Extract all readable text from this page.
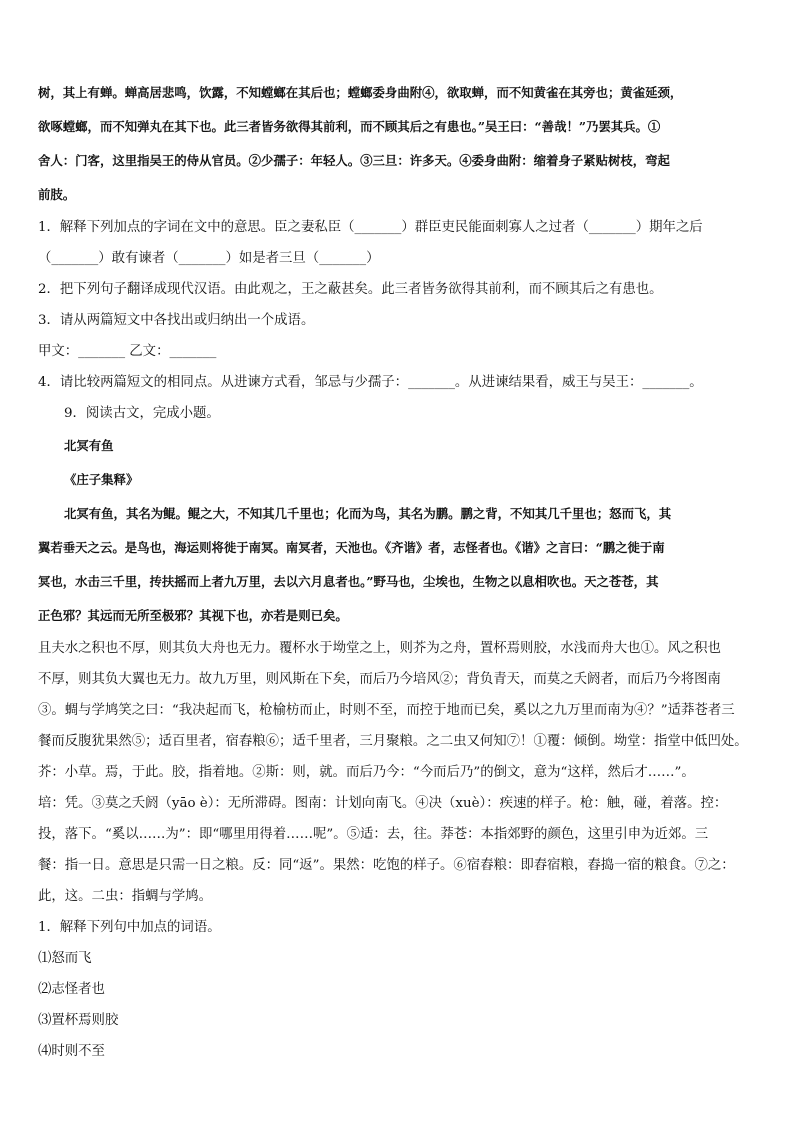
树，其上有蝉。蝉高居悲鸣，饮露，不知螳螂在其后也；螳螂委身曲附④，欲取蝉，而不知黄雀在其旁也；黄雀延颈，
欲啄螳螂，而不知弹丸在其下也。此三者皆务欲得其前利，而不顾其后之有患也。”吴王曰：“善哉！”乃罢其兵。①
舍人：门客，这里指吴王的侍从官员。②少孺子：年轻人。③三旦：许多天。④委身曲附：缩着身子紧贴树枝，弯起
前肢。
1．解释下列加点的字词在文中的意思。臣之妻私臣（_______）群臣吏民能面刺寡人之过者（_______）期年之后
（_______）敢有谏者（_______）如是者三旦（_______）
2．把下列句子翻译成现代汉语。由此观之，王之蔽甚矣。此三者皆务欲得其前利，而不顾其后之有患也。
3．请从两篇短文中各找出或归纳出一个成语。
甲文：_______ 乙文：_______
4．请比较两篇短文的相同点。从进谏方式看，邹忌与少孺子：_______。从进谏结果看，威王与吴王：_______。
9．阅读古文，完成小题。
北冥有鱼
《庄子集释》
北冥有鱼，其名为鲲。鲲之大，不知其几千里也；化而为鸟，其名为鹏。鹏之背，不知其几千里也；怒而飞，其
翼若垂天之云。是鸟也，海运则将徙于南冥。南冥者，天池也。《齐谐》者，志怪者也。《谐》之言曰：“鹏之徙于南
冥也，水击三千里，抟扶摇而上者九万里，去以六月息者也。”野马也，尘埃也，生物之以息相吹也。天之苍苍，其
正色邪？其远而无所至极邪？其视下也，亦若是则已矣。
且夫水之积也不厚，则其负大舟也无力。覆杯水于坳堂之上，则芥为之舟，置杯焉则胶，水浅而舟大也①。风之积也
不厚，则其负大翼也无力。故九万里，则风斯在下矣，而后乃今培风②；背负青天，而莫之夭阏者，而后乃今将图南
③。蜩与学鸠笑之曰：“我决起而飞，枪榆枋而止，时则不至，而控于地而已矣，奚以之九万里而南为④？”适莽苍者三
餐而反腹犹果然⑤；适百里者，宿舂粮⑥；适千里者，三月聚粮。之二虫又何知⑦！①覆：倾倒。坳堂：指堂中低凹处。
芥：小草。焉，于此。胶，指着地。②斯：则，就。而后乃今：“今而后乃”的倒文，意为“这样，然后才……”。
培：凭。③莫之夭阏（yāo è）：无所滞碍。图南：计划向南飞。④决（xuè）：疾速的样子。枪：触，碰，着落。控：
投，落下。“奚以……为”：即“哪里用得着……呢”。⑤适：去，往。莽苍：本指郊野的颜色，这里引申为近郊。三
餐：指一日。意思是只需一日之粮。反：同“返”。果然：吃饱的样子。⑥宿舂粮：即舂宿粮，舂捣一宿的粮食。⑦之：
此，这。二虫：指蜩与学鸠。
1．解释下列句中加点的词语。
⑴怒而飞
⑵志怪者也
⑶置杯焉则胶
⑷时则不至
